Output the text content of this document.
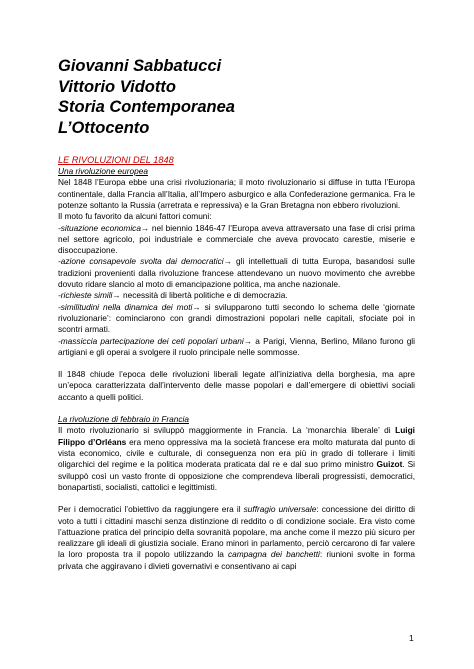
Giovanni Sabbatucci
Vittorio Vidotto
Storia Contemporanea
L’Ottocento
LE RIVOLUZIONI DEL 1848
Una rivoluzione europea
Nel 1848 l’Europa ebbe una crisi rivoluzionaria; il moto rivoluzionario si diffuse in tutta l’Europa continentale, dalla Francia all’Italia, all’Impero asburgico e alla Confederazione germanica. Fra le potenze soltanto la Russia (arretrata e repressiva) e la Gran Bretagna non ebbero rivoluzioni.
Il moto fu favorito da alcuni fattori comuni:
-situazione economica→ nel biennio 1846-47 l’Europa aveva attraversato una fase di crisi prima nel settore agricolo, poi industriale e commerciale che aveva provocato carestie, miserie e disoccupazione.
-azione consapevole svolta dai democratici→ gli intellettuali di tutta Europa, basandosi sulle tradizioni provenienti dalla rivoluzione francese attendevano un nuovo movimento che avrebbe dovuto ridare slancio al moto di emancipazione politica, ma anche nazionale.
-richieste simili→ necessità di libertà politiche e di democrazia.
-similitudini nella dinamica dei moti→ si svilupparono tutti secondo lo schema delle ‘giornate rivoluzionarie’: cominciarono con grandi dimostrazioni popolari nelle capitali, sfociate poi in scontri armati.
-massiccia partecipazione dei ceti popolari urbani→ a Parigi, Vienna, Berlino, Milano furono gli artigiani e gli operai a svolgere il ruolo principale nelle sommosse.
Il 1848 chiude l’epoca delle rivoluzioni liberali legate all’iniziativa della borghesia, ma apre un’epoca caratterizzata dall’intervento delle masse popolari e dall’emergere di obiettivi sociali accanto a quelli politici.
La rivoluzione di febbraio in Francia
Il moto rivoluzionario si sviluppò maggiormente in Francia. La ‘monarchia liberale’ di Luigi Filippo d’Orléans era meno oppressiva ma la società francese era molto maturata dal punto di vista economico, civile e culturale, di conseguenza non era più in grado di tollerare i limiti oligarchici del regime e la politica moderata praticata dal re e dal suo primo ministro Guizot. Si sviluppò così un vasto fronte di opposizione che comprendeva liberali progressisti, democratici, bonapartisti, socialisti, cattolici e legittimisti.
Per i democratici l’obiettivo da raggiungere era il suffragio universale: concessione dei diritto di voto a tutti i cittadini maschi senza distinzione di reddito o di condizione sociale. Era visto come l’attuazione pratica del principio della sovranità popolare, ma anche come il mezzo più sicuro per realizzare gli ideali di giustizia sociale. Erano minori in parlamento, perciò cercarono di far valere la loro proposta tra il popolo utilizzando la campagna dei banchetti: riunioni svolte in forma privata che aggiravano i divieti governativi e consentivano ai capi
1
